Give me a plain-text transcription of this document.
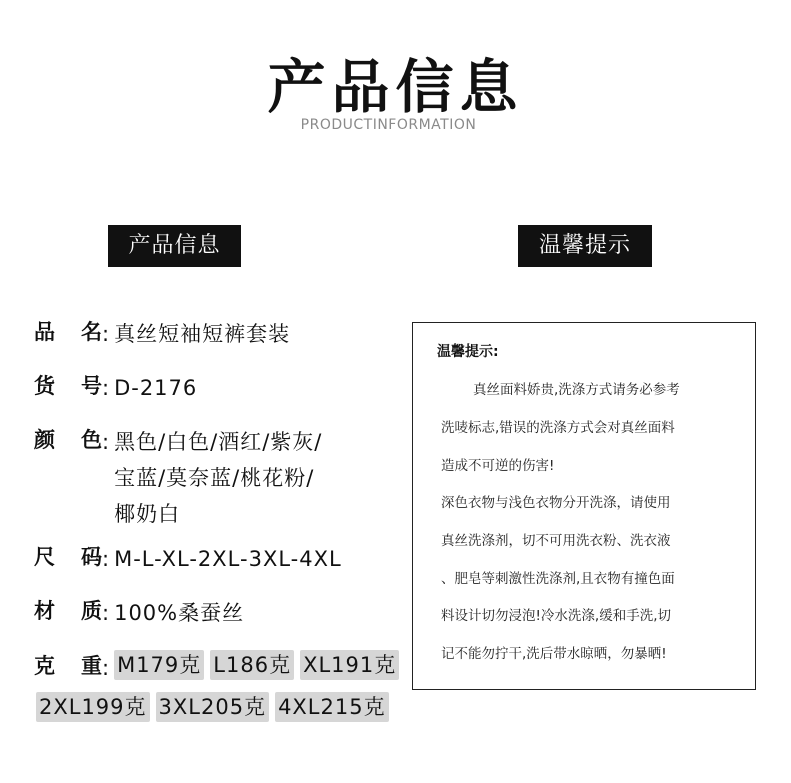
产品信息
PRODUCTINFORMATION
产品信息	温馨提示
品 名 : 真丝短袖短裤套装
货 号 : D-2176
颜 色 : 黑色/白色/酒红/紫灰/
宝蓝/莫奈蓝/桃花粉/
椰奶白
尺 码 : M-L-XL-2XL-3XL-4XL
材 质 : 100%桑蚕丝
克 重 : M179克 L186克 XL191克
2XL199克 3XL205克 4XL215克
温馨提示:
真丝面料娇贵,洗涤方式请务必参考
洗唛标志,错误的洗涤方式会对真丝面料
造成不可逆的伤害!
深色衣物与浅色衣物分开洗涤，请使用
真丝洗涤剂，切不可用洗衣粉、洗衣液
、肥皂等刺激性洗涤剂,且衣物有撞色面
料设计切勿浸泡!冷水洗涤,缓和手洗,切
记不能勿拧干,洗后带水晾晒，勿暴晒!
